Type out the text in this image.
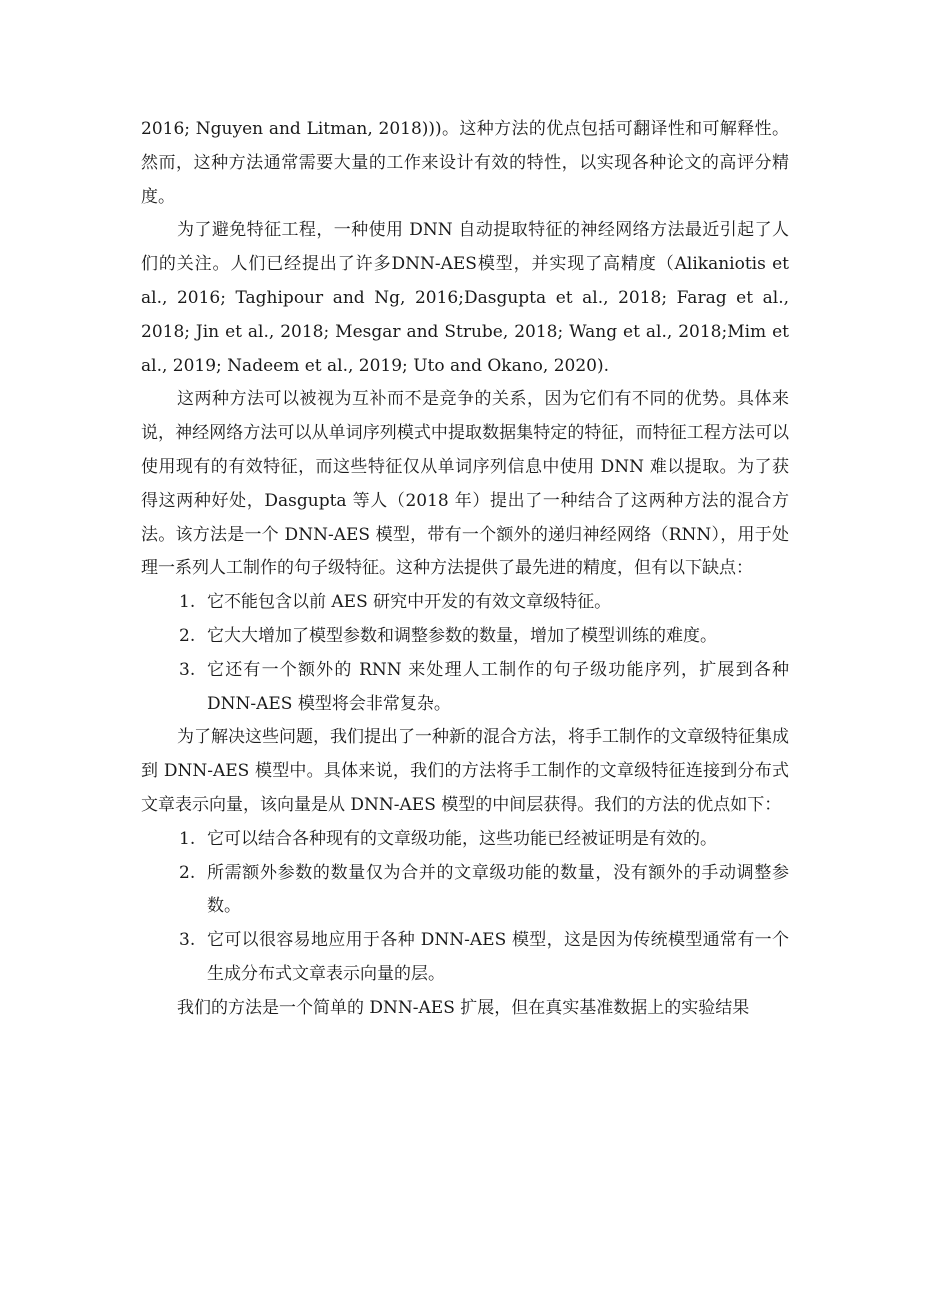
2016; Nguyen and Litman, 2018)))。这种方法的优点包括可翻译性和可解释性。然而，这种方法通常需要大量的工作来设计有效的特性，以实现各种论文的高评分精度。

为了避免特征工程，一种使用 DNN 自动提取特征的神经网络方法最近引起了人们的关注。人们已经提出了许多DNN-AES模型，并实现了高精度（Alikaniotis et al., 2016; Taghipour and Ng, 2016;Dasgupta et al., 2018; Farag et al., 2018; Jin et al., 2018; Mesgar and Strube, 2018; Wang et al., 2018;Mim et al., 2019; Nadeem et al., 2019; Uto and Okano, 2020).

这两种方法可以被视为互补而不是竞争的关系，因为它们有不同的优势。具体来说，神经网络方法可以从单词序列模式中提取数据集特定的特征，而特征工程方法可以使用现有的有效特征，而这些特征仅从单词序列信息中使用 DNN 难以提取。为了获得这两种好处，Dasgupta 等人（2018 年）提出了一种结合了这两种方法的混合方法。该方法是一个 DNN-AES 模型，带有一个额外的递归神经网络（RNN），用于处理一系列人工制作的句子级特征。这种方法提供了最先进的精度，但有以下缺点：

1. 它不能包含以前 AES 研究中开发的有效文章级特征。
2. 它大大增加了模型参数和调整参数的数量，增加了模型训练的难度。
3. 它还有一个额外的 RNN 来处理人工制作的句子级功能序列，扩展到各种 DNN-AES 模型将会非常复杂。

为了解决这些问题，我们提出了一种新的混合方法，将手工制作的文章级特征集成到 DNN-AES 模型中。具体来说，我们的方法将手工制作的文章级特征连接到分布式文章表示向量，该向量是从 DNN-AES 模型的中间层获得。我们的方法的优点如下：

1. 它可以结合各种现有的文章级功能，这些功能已经被证明是有效的。
2. 所需额外参数的数量仅为合并的文章级功能的数量，没有额外的手动调整参数。
3. 它可以很容易地应用于各种 DNN-AES 模型，这是因为传统模型通常有一个生成分布式文章表示向量的层。

我们的方法是一个简单的 DNN-AES 扩展，但在真实基准数据上的实验结果
